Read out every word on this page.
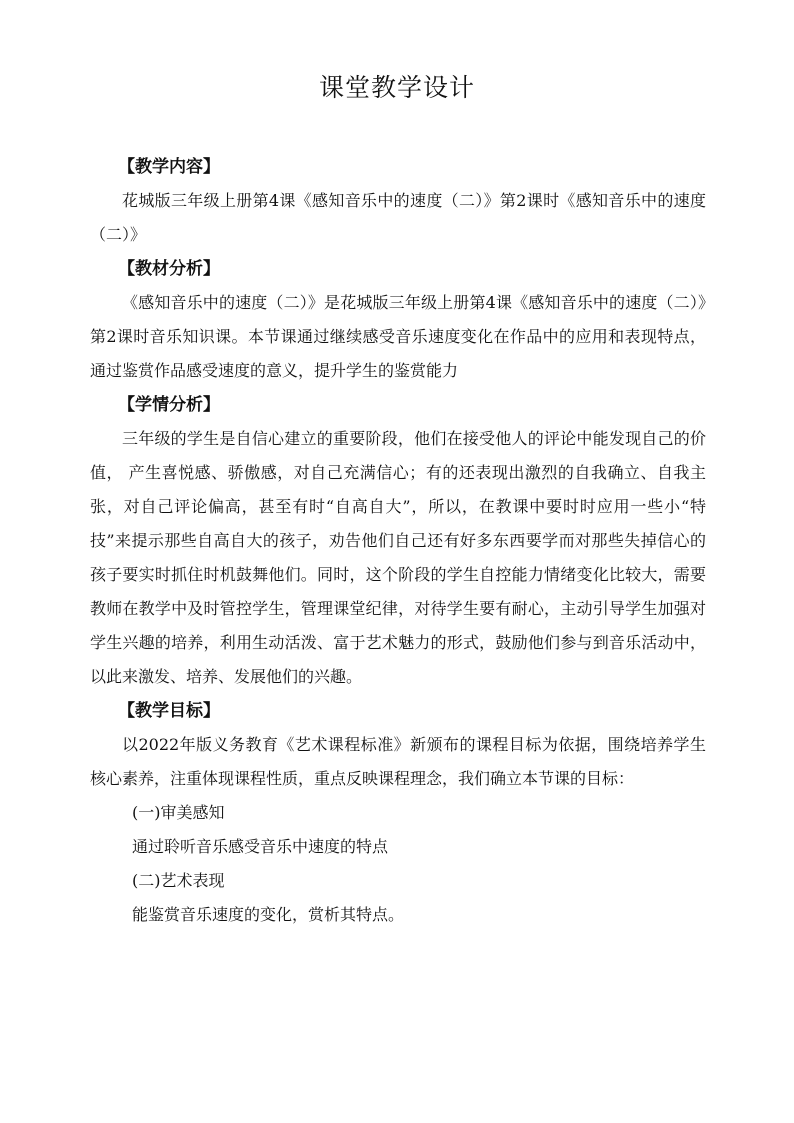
课堂教学设计

【教学内容】

花城版三年级上册第4课《感知音乐中的速度（二）》第2课时《感知音乐中的速度（二）》

【教材分析】

《感知音乐中的速度（二）》是花城版三年级上册第4课《感知音乐中的速度（二）》第2课时音乐知识课。本节课通过继续感受音乐速度变化在作品中的应用和表现特点，通过鉴赏作品感受速度的意义，提升学生的鉴赏能力

【学情分析】

三年级的学生是自信心建立的重要阶段，他们在接受他人的评论中能发现自己的价值， 产生喜悦感、骄傲感，对自己充满信心；有的还表现出激烈的自我确立、自我主张，对自己评论偏高，甚至有时“自高自大”，所以，在教课中要时时应用一些小“特技”来提示那些自高自大的孩子，劝告他们自己还有好多东西要学而对那些失掉信心的孩子要实时抓住时机鼓舞他们。同时，这个阶段的学生自控能力情绪变化比较大，需要教师在教学中及时管控学生，管理课堂纪律，对待学生要有耐心，主动引导学生加强对学生兴趣的培养，利用生动活泼、富于艺术魅力的形式，鼓励他们参与到音乐活动中，以此来激发、培养、发展他们的兴趣。

【教学目标】

以2022年版义务教育《艺术课程标准》新颁布的课程目标为依据，围绕培养学生核心素养，注重体现课程性质，重点反映课程理念，我们确立本节课的目标：

(一)审美感知

通过聆听音乐感受音乐中速度的特点

(二)艺术表现

能鉴赏音乐速度的变化，赏析其特点。
